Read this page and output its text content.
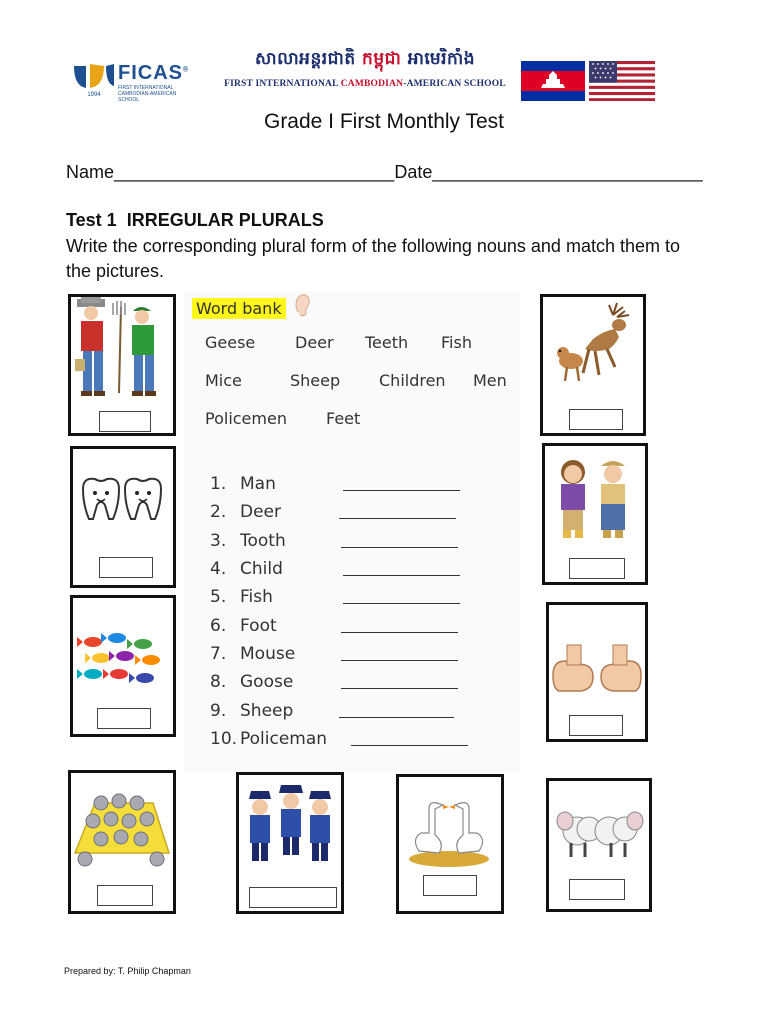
1994
FICAS®
FIRST INTERNATIONAL CAMBODIAN-AMERICAN SCHOOL
សាលាអន្តរជាតិ កម្ពុជា អាមេរិកាំង
FIRST INTERNATIONAL CAMBODIAN-AMERICAN SCHOOL
Grade I First Monthly Test
Name____________________________Date___________________________
Test 1 IRREGULAR PLURALS
Write the corresponding plural form of the following nouns and match them to the pictures.
Word bank
Geese Deer Teeth Fish
Mice	Sheep Children Men
Policemen Feet
1. Man
2. Deer
3. Tooth
4. Child
5. Fish
6. Foot
7. Mouse
8. Goose
9. Sheep
10. Policeman
Prepared by: T. Philip Chapman
